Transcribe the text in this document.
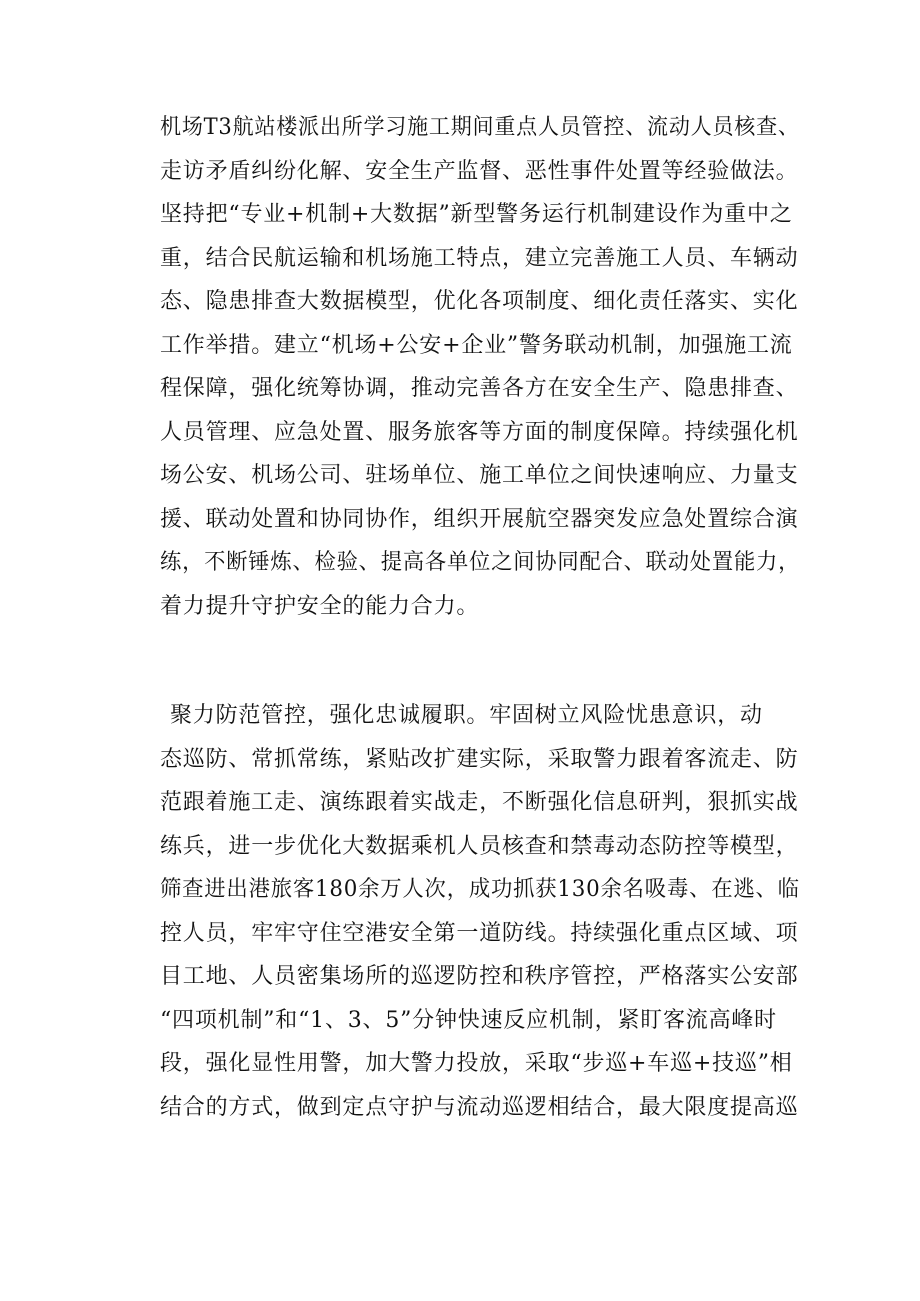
机场T3航站楼派出所学习施工期间重点人员管控、流动人员核查、
走访矛盾纠纷化解、安全生产监督、恶性事件处置等经验做法。
坚持把“专业+机制+大数据”新型警务运行机制建设作为重中之
重，结合民航运输和机场施工特点，建立完善施工人员、车辆动
态、隐患排查大数据模型，优化各项制度、细化责任落实、实化
工作举措。建立“机场+公安+企业”警务联动机制，加强施工流
程保障，强化统筹协调，推动完善各方在安全生产、隐患排查、
人员管理、应急处置、服务旅客等方面的制度保障。持续强化机
场公安、机场公司、驻场单位、施工单位之间快速响应、力量支
援、联动处置和协同协作，组织开展航空器突发应急处置综合演
练，不断锤炼、检验、提高各单位之间协同配合、联动处置能力，
着力提升守护安全的能力合力。
聚力防范管控，强化忠诚履职。牢固树立风险忧患意识，动
态巡防、常抓常练，紧贴改扩建实际，采取警力跟着客流走、防
范跟着施工走、演练跟着实战走，不断强化信息研判，狠抓实战
练兵，进一步优化大数据乘机人员核查和禁毒动态防控等模型，
筛查进出港旅客180余万人次，成功抓获130余名吸毒、在逃、临
控人员，牢牢守住空港安全第一道防线。持续强化重点区域、项
目工地、人员密集场所的巡逻防控和秩序管控，严格落实公安部
“四项机制”和“1、3、5”分钟快速反应机制，紧盯客流高峰时
段，强化显性用警，加大警力投放，采取“步巡+车巡+技巡”相
结合的方式，做到定点守护与流动巡逻相结合，最大限度提高巡
